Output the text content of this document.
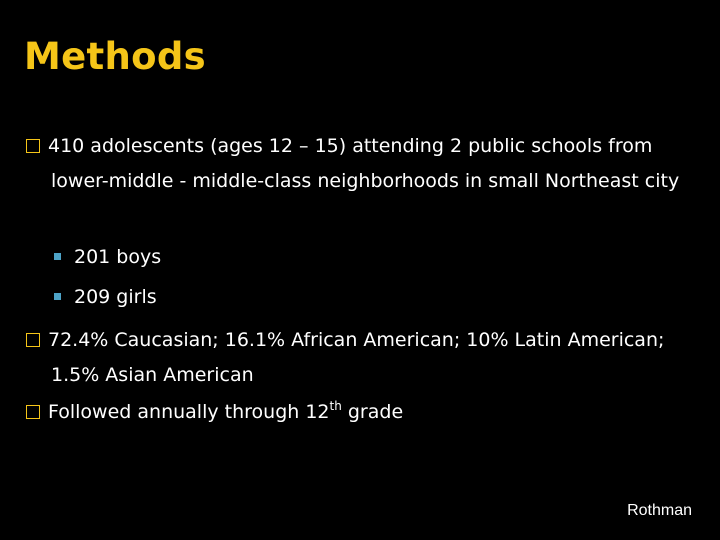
Methods
410 adolescents (ages 12 – 15) attending 2 public schools from lower-middle - middle-class neighborhoods in small Northeast city
201 boys
209 girls
72.4% Caucasian; 16.1% African American; 10% Latin American; 1.5% Asian American
Followed annually through 12th grade
Rothman
